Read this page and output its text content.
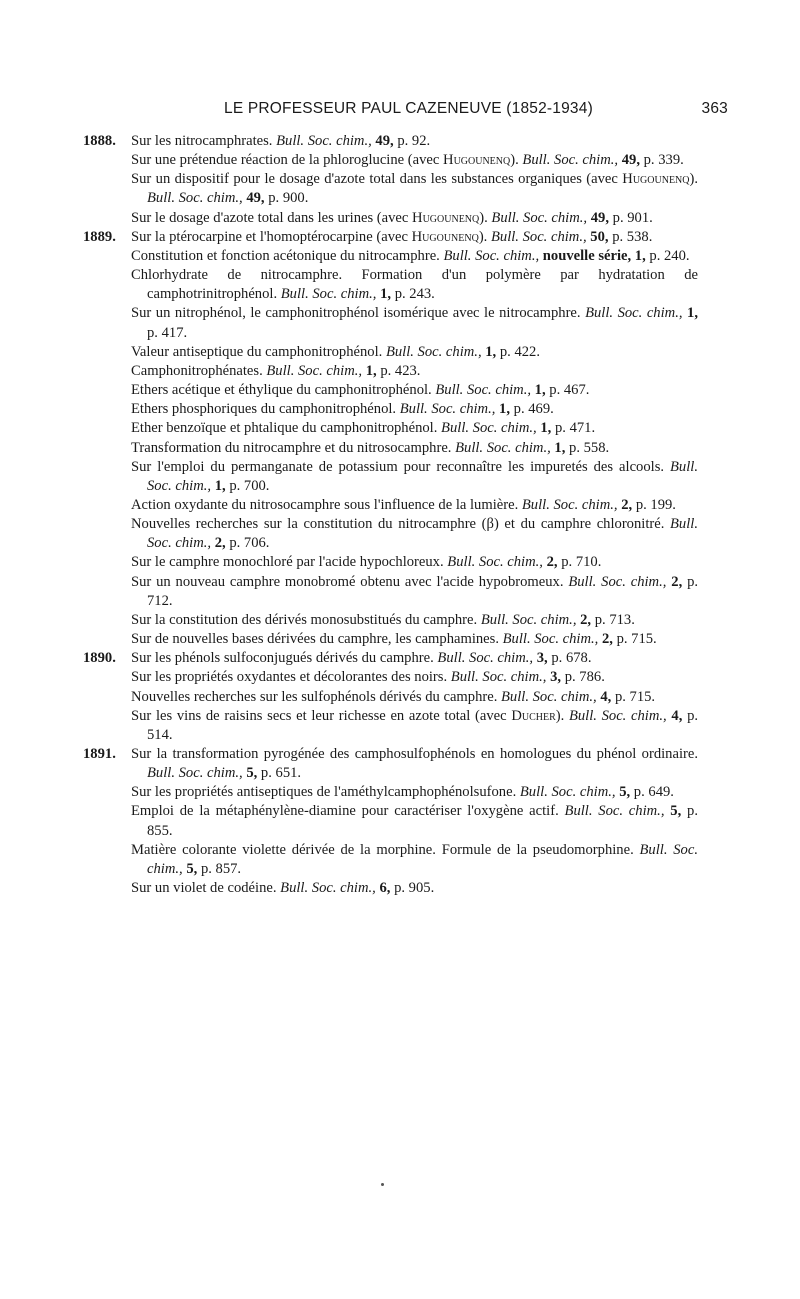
LE PROFESSEUR PAUL CAZENEUVE (1852-1934)	363
1888. Sur les nitrocamphrates. Bull. Soc. chim., 49, p. 92.

Sur une prétendue réaction de la phloroglucine (avec Hugounenq). Bull. Soc. chim., 49, p. 339.

Sur un dispositif pour le dosage d'azote total dans les substances organiques (avec Hugounenq). Bull. Soc. chim., 49, p. 900.

Sur le dosage d'azote total dans les urines (avec Hugounenq). Bull. Soc. chim., 49, p. 901.

1889. Sur la ptérocarpine et l'homoptérocarpine (avec Hugounenq). Bull. Soc. chim., 50, p. 538.

Constitution et fonction acétonique du nitrocamphre. Bull. Soc. chim., nouvelle série, 1, p. 240.

Chlorhydrate de nitrocamphre. Formation d'un polymère par hydratation de camphotrinitrophénol. Bull. Soc. chim., 1, p. 243.

Sur un nitrophénol, le camphonitrophénol isomérique avec le nitrocamphre. Bull. Soc. chim., 1, p. 417.

Valeur antiseptique du camphonitrophénol. Bull. Soc. chim., 1, p. 422.

Camphonitrophénates. Bull. Soc. chim., 1, p. 423.

Ethers acétique et éthylique du camphonitrophénol. Bull. Soc. chim., 1, p. 467.

Ethers phosphoriques du camphonitrophénol. Bull. Soc. chim., 1, p. 469.

Ether benzoïque et phtalique du camphonitrophénol. Bull. Soc. chim., 1, p. 471.

Transformation du nitrocamphre et du nitrosocamphre. Bull. Soc. chim., 1, p. 558.

Sur l'emploi du permanganate de potassium pour reconnaître les impuretés des alcools. Bull. Soc. chim., 1, p. 700.

Action oxydante du nitrosocamphre sous l'influence de la lumière. Bull. Soc. chim., 2, p. 199.

Nouvelles recherches sur la constitution du nitrocamphre (β) et du camphre chloronitré. Bull. Soc. chim., 2, p. 706.

Sur le camphre monochloré par l'acide hypochloreux. Bull. Soc. chim., 2, p. 710.

Sur un nouveau camphre monobromé obtenu avec l'acide hypobromeux. Bull. Soc. chim., 2, p. 712.

Sur la constitution des dérivés monosubstitués du camphre. Bull. Soc. chim., 2, p. 713.

Sur de nouvelles bases dérivées du camphre, les camphamines. Bull. Soc. chim., 2, p. 715.

1890. Sur les phénols sulfoconjugués dérivés du camphre. Bull. Soc. chim., 3, p. 678.

Sur les propriétés oxydantes et décolorantes des noirs. Bull. Soc. chim., 3, p. 786.

Nouvelles recherches sur les sulfophénols dérivés du camphre. Bull. Soc. chim., 4, p. 715.

Sur les vins de raisins secs et leur richesse en azote total (avec Ducher). Bull. Soc. chim., 4, p. 514.

1891. Sur la transformation pyrogénée des camphosulfophénols en homologues du phénol ordinaire. Bull. Soc. chim., 5, p. 651.

Sur les propriétés antiseptiques de l'améthylcamphophénolsufone. Bull. Soc. chim., 5, p. 649.

Emploi de la métaphénylène-diamine pour caractériser l'oxygène actif. Bull. Soc. chim., 5, p. 855.

Matière colorante violette dérivée de la morphine. Formule de la pseudomorphine. Bull. Soc. chim., 5, p. 857.

Sur un violet de codéine. Bull. Soc. chim., 6, p. 905.
